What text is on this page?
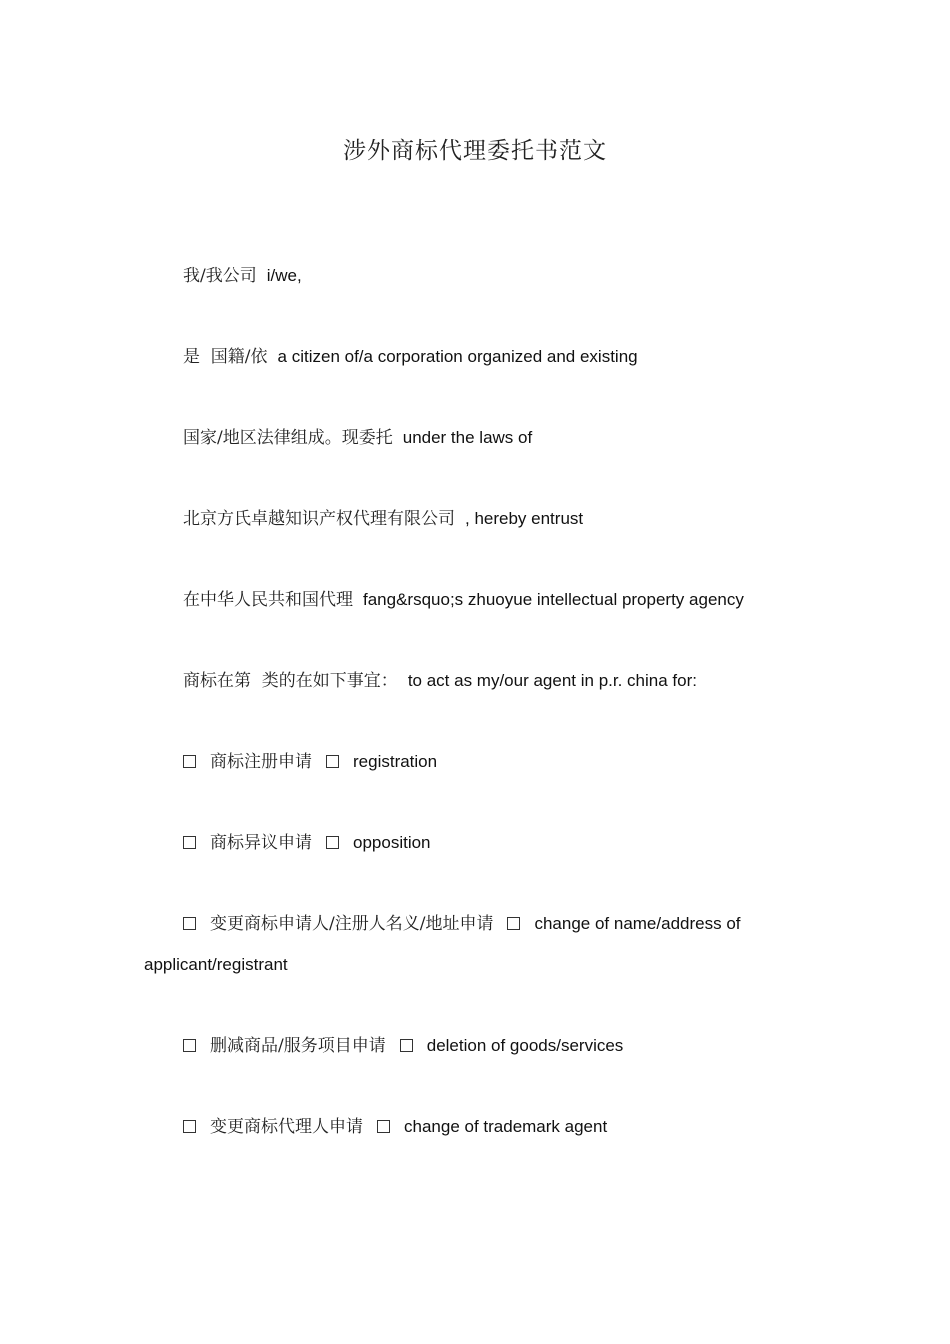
涉外商标代理委托书范文
我/我公司 i/we,
是  国籍/依 a citizen of/a corporation organized and existing
国家/地区法律组成。现委托 under the laws of
北京方氏卓越知识产权代理有限公司 , hereby entrust
在中华人民共和国代理 fang&rsquo;s zhuoyue intellectual property agency
商标在第  类的在如下事宜： to act as my/our agent in p.r. china for:
商标注册申请 registration
商标异议申请 opposition
变更商标申请人/注册人名义/地址申请 change of name/address of
applicant/registrant
删减商品/服务项目申请 deletion of goods/services
变更商标代理人申请 change of trademark agent
